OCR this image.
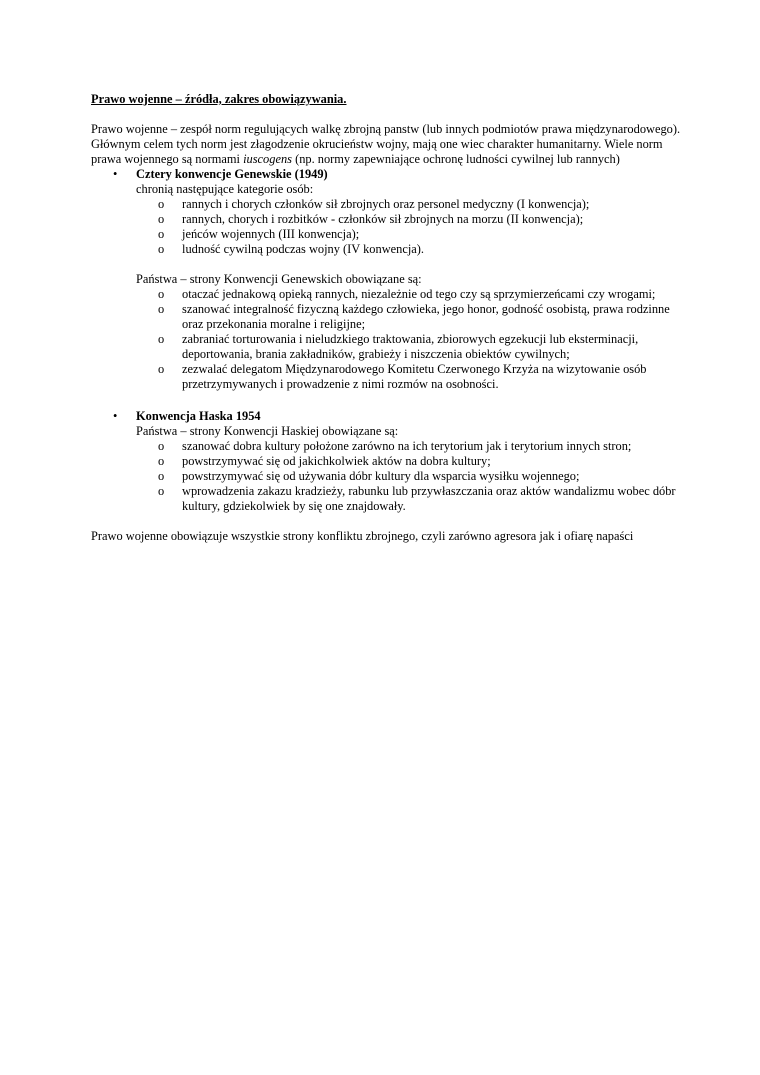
Prawo wojenne – źródła, zakres obowiązywania.

Prawo wojenne – zespół norm regulujących walkę zbrojną panstw (lub innych podmiotów prawa międzynarodowego). Głównym celem tych norm jest złagodzenie okrucieństw wojny, mają one wiec charakter humanitarny. Wiele norm prawa wojennego są normami iuscogens (np. normy zapewniające ochronę ludności cywilnej lub rannych)

• Cztery konwencje Genewskie (1949)

chronią następujące kategorie osób:

o rannych i chorych członków sił zbrojnych oraz personel medyczny (I konwencja);
o rannych, chorych i rozbitków - członków sił zbrojnych na morzu (II konwencja);
o jeńców wojennych (III konwencja);
o ludność cywilną podczas wojny (IV konwencja).

Państwa – strony Konwencji Genewskich obowiązane są:

o otaczać jednakową opieką rannych, niezależnie od tego czy są sprzymierzeńcami czy wrogami;
o szanować integralność fizyczną każdego człowieka, jego honor, godność osobistą, prawa rodzinne oraz przekonania moralne i religijne;
o zabraniać torturowania i nieludzkiego traktowania, zbiorowych egzekucji lub eksterminacji, deportowania, brania zakładników, grabieży i niszczenia obiektów cywilnych;
o zezwalać delegatom Międzynarodowego Komitetu Czerwonego Krzyża na wizytowanie osób przetrzymywanych i prowadzenie z nimi rozmów na osobności.
• Konwencja Haska 1954

Państwa – strony Konwencji Haskiej obowiązane są:

o szanować dobra kultury położone zarówno na ich terytorium jak i terytorium innych stron;
o powstrzymywać się od jakichkolwiek aktów na dobra kultury;
o powstrzymywać się od używania dóbr kultury dla wsparcia wysiłku wojennego;
o wprowadzenia zakazu kradzieży, rabunku lub przywłaszczania oraz aktów wandalizmu wobec dóbr kultury, gdziekolwiek by się one znajdowały.

Prawo wojenne obowiązuje wszystkie strony konfliktu zbrojnego, czyli zarówno agresora jak i ofiarę napaści
